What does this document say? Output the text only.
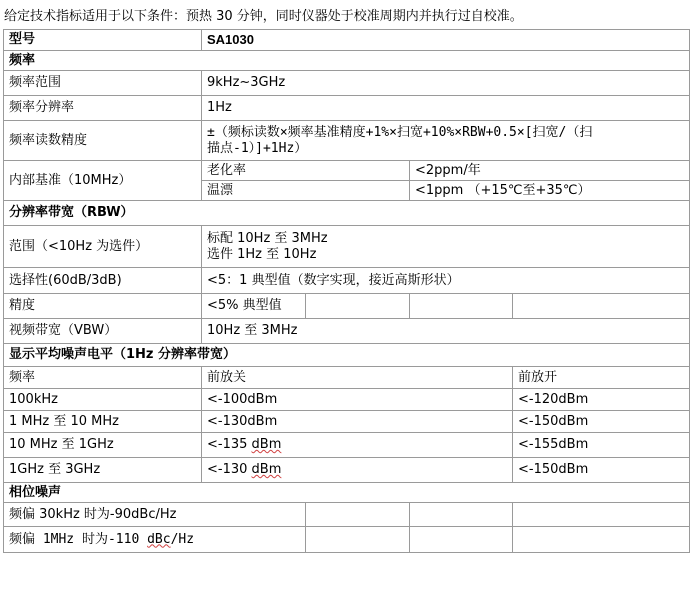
给定技术指标适用于以下条件：预热 30 分钟，同时仪器处于校准周期内并执行过自校准。
型号	SA1030			
频率				
频率范围	9kHz~3GHz			
频率分辨率	1Hz			
频率读数精度	±（频标读数×频率基准精度+1%×扫宽+10%×RBW+0.5×[扫宽/（扫
描点-1）]+1Hz）			

内部基准（10MHz）	老化率		<2ppm/年	
	温漂		<1ppm （+15℃至+35℃）	
分辨率带宽（RBW）				
范围（<10Hz 为选件）	标配 10Hz 至 3MHz
选件 1Hz 至 10Hz			

选择性(60dB/3dB)	<5：1 典型值（数字实现，接近高斯形状）			
精度	<5% 典型值			
视频带宽（VBW）	10Hz 至 3MHz			
显示平均噪声电平（1Hz 分辨率带宽）				
频率	前放关			前放开
100kHz	<-100dBm			<-120dBm
1 MHz 至 10 MHz	<-130dBm			<-150dBm
10 MHz 至 1GHz	<-135 dBm			<-155dBm
1GHz 至 3GHz	<-130 dBm			<-150dBm
相位噪声				
频偏 30kHz 时为-90dBc/Hz				
频偏 1MHz 时为-110 dBc/Hz				
